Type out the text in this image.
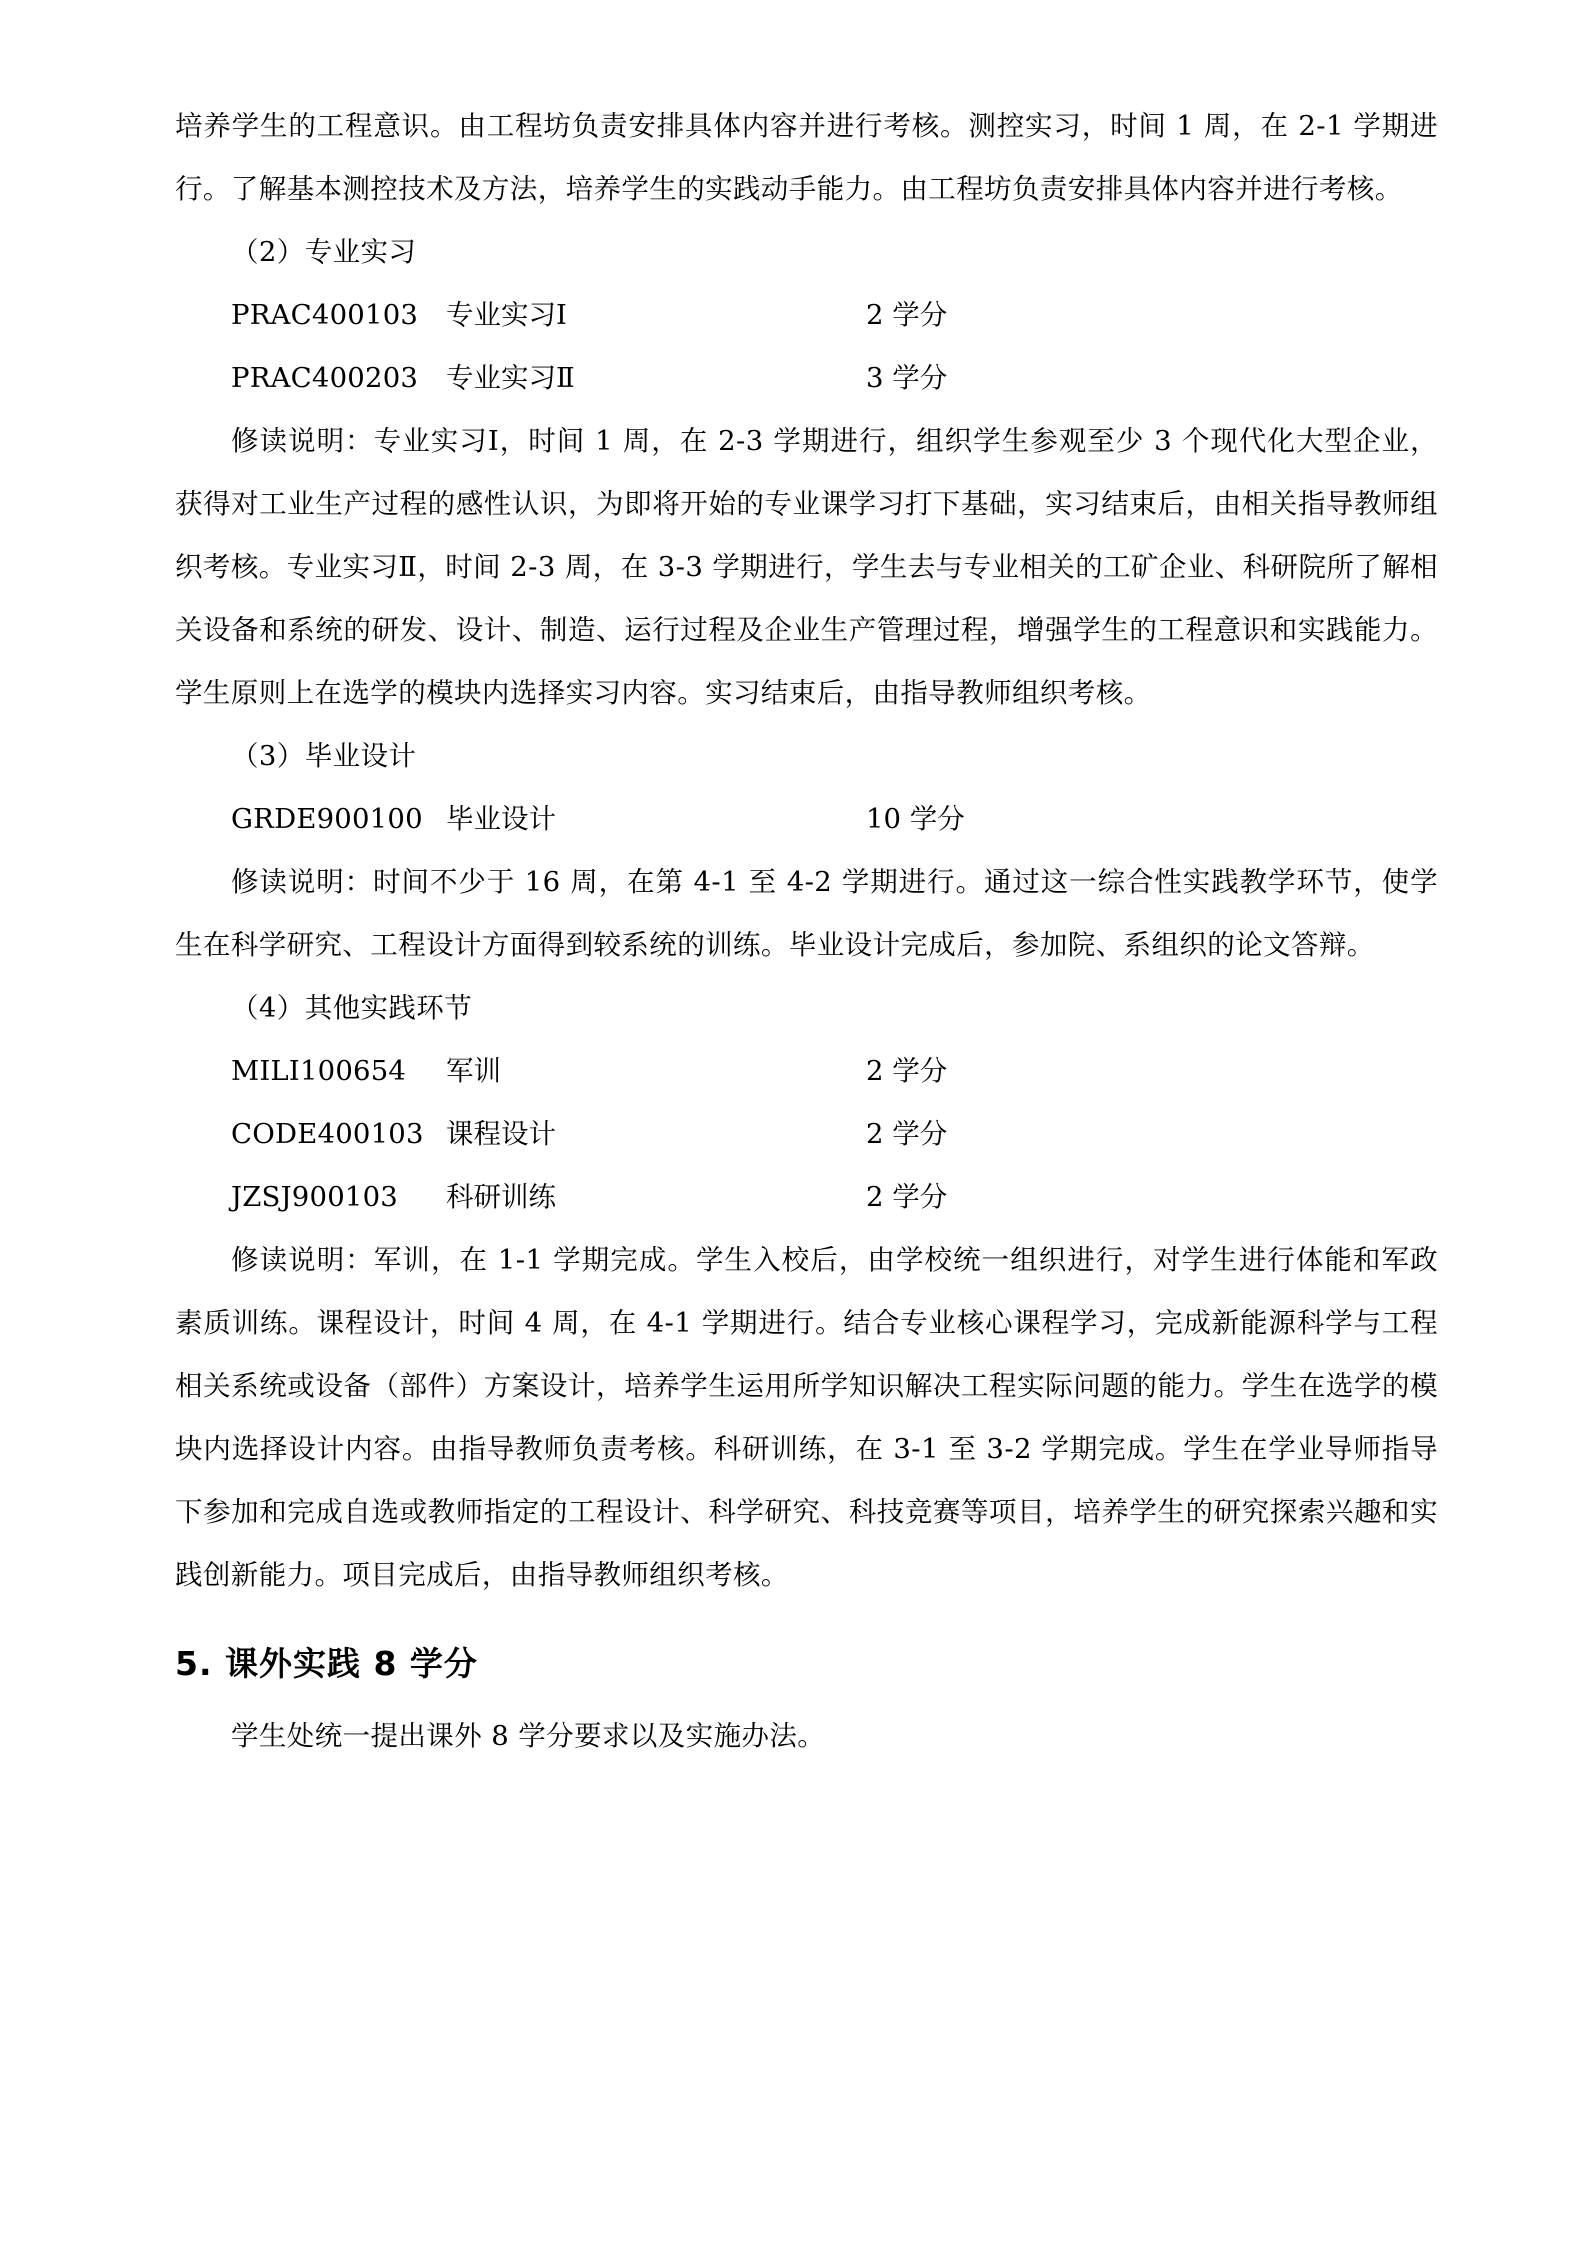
培养学生的工程意识。由工程坊负责安排具体内容并进行考核。测控实习，时间 1 周，在 2-1 学期进行。了解基本测控技术及方法，培养学生的实践动手能力。由工程坊负责安排具体内容并进行考核。

（2）专业实习

PRAC400103	专业实习Ⅰ	2 学分
PRAC400203	专业实习Ⅱ	3 学分

修读说明：专业实习Ⅰ，时间 1 周，在 2-3 学期进行，组织学生参观至少 3 个现代化大型企业，获得对工业生产过程的感性认识，为即将开始的专业课学习打下基础，实习结束后，由相关指导教师组织考核。专业实习Ⅱ，时间 2-3 周，在 3-3 学期进行，学生去与专业相关的工矿企业、科研院所了解相关设备和系统的研发、设计、制造、运行过程及企业生产管理过程，增强学生的工程意识和实践能力。学生原则上在选学的模块内选择实习内容。实习结束后，由指导教师组织考核。

（3）毕业设计

GRDE900100 毕业设计	10 学分

修读说明：时间不少于 16 周，在第 4-1 至 4-2 学期进行。通过这一综合性实践教学环节，使学生在科学研究、工程设计方面得到较系统的训练。毕业设计完成后，参加院、系组织的论文答辩。

（4）其他实践环节

MILI100654	军训	2 学分
CODE400103 课程设计	2 学分
JZSJ900103	科研训练	2 学分

修读说明：军训，在 1-1 学期完成。学生入校后，由学校统一组织进行，对学生进行体能和军政素质训练。课程设计，时间 4 周，在 4-1 学期进行。结合专业核心课程学习，完成新能源科学与工程相关系统或设备（部件）方案设计，培养学生运用所学知识解决工程实际问题的能力。学生在选学的模块内选择设计内容。由指导教师负责考核。科研训练，在 3-1 至 3-2 学期完成。学生在学业导师指导下参加和完成自选或教师指定的工程设计、科学研究、科技竞赛等项目，培养学生的研究探索兴趣和实践创新能力。项目完成后，由指导教师组织考核。

5. 课外实践 8 学分

学生处统一提出课外 8 学分要求以及实施办法。
